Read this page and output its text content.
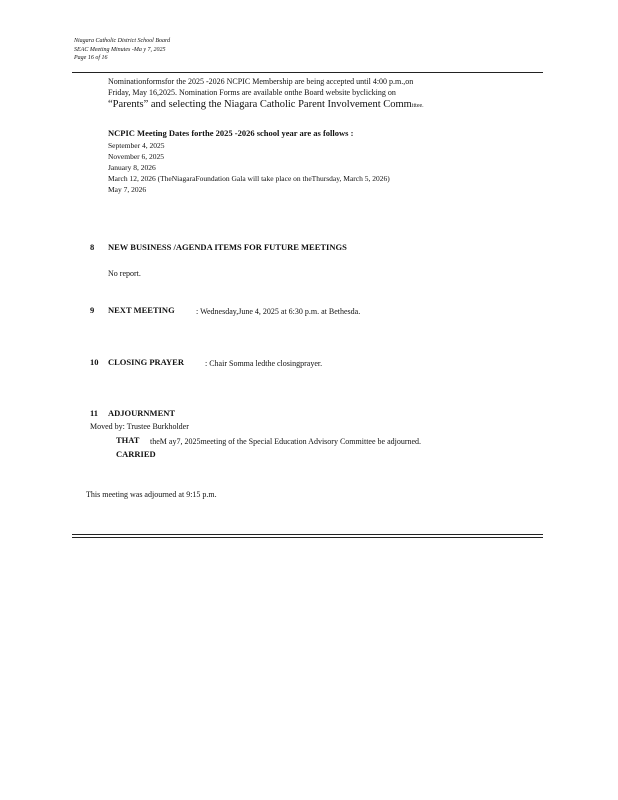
Niagara Catholic District School Board
SEAC Meeting Minutes -Ma y 7, 2025
Page 16 of 16
Nominationformsfor the 2025 -2026 NCPIC Membership are being accepted until 4:00 p.m.,on
Friday, May 16,2025. Nomination Forms are available onthe Board website byclicking on
“Parents” and selecting the Niagara Catholic Parent Involvement Committee.
NCPIC Meeting Dates forthe 2025 -2026 school year are as follows :
September 4, 2025
November 6, 2025
January 8, 2026
March 12, 2026 (TheNiagaraFoundation Gala will take place on theThursday, March 5, 2026)
May 7, 2026
8 NEW BUSINESS /AGENDA ITEMS FOR FUTURE MEETINGS
No report.
9 NEXT MEETING	: Wednesday,June 4, 2025 at 6:30 p.m. at Bethesda.
10 CLOSING PRAYER	: Chair Somma ledthe closingprayer.
11 ADJOURNMENT
Moved by: Trustee Burkholder
THAT theM ay7, 2025meeting of the Special Education Advisory Committee be adjourned.
CARRIED
This meeting was adjourned at 9:15 p.m.
